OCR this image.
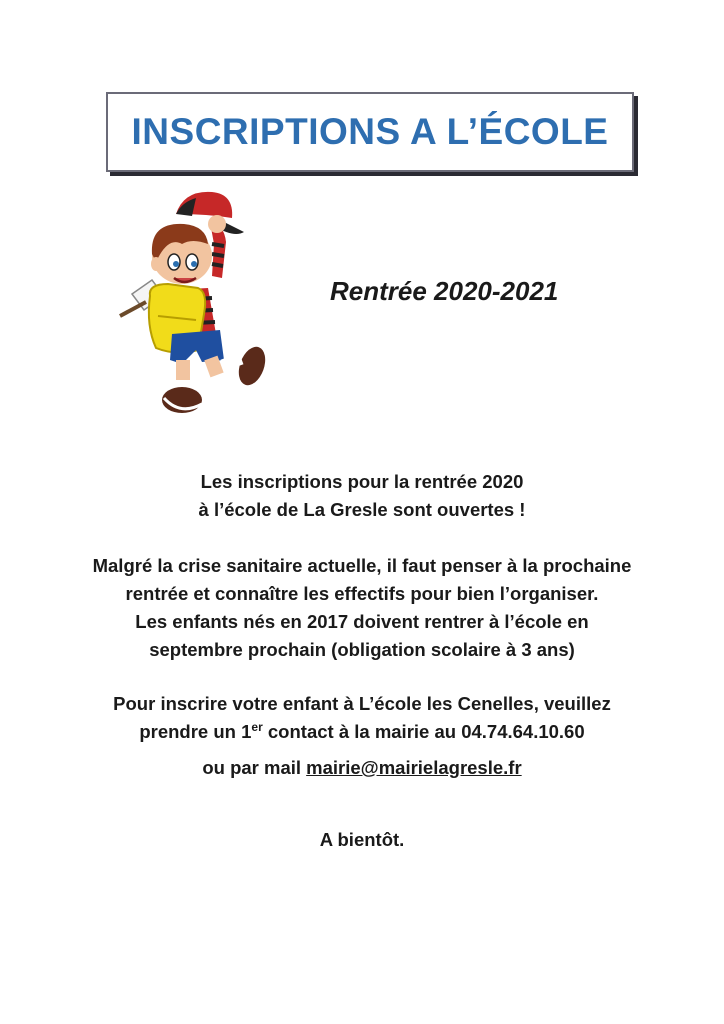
INSCRIPTIONS A L’ÉCOLE
Rentrée 2020-2021

Les inscriptions pour la rentrée 2020

à l’école de La Gresle sont ouvertes !

Malgré la crise sanitaire actuelle, il faut penser à la prochaine

rentrée et connaître les effectifs pour bien l’organiser.

Les enfants nés en 2017 doivent rentrer à l’école en

septembre prochain (obligation scolaire à 3 ans)

Pour inscrire votre enfant à L’école les Cenelles, veuillez

prendre un 1er contact à la mairie au 04.74.64.10.60

ou par mail mairie@mairielagresle.fr

A bientôt.
